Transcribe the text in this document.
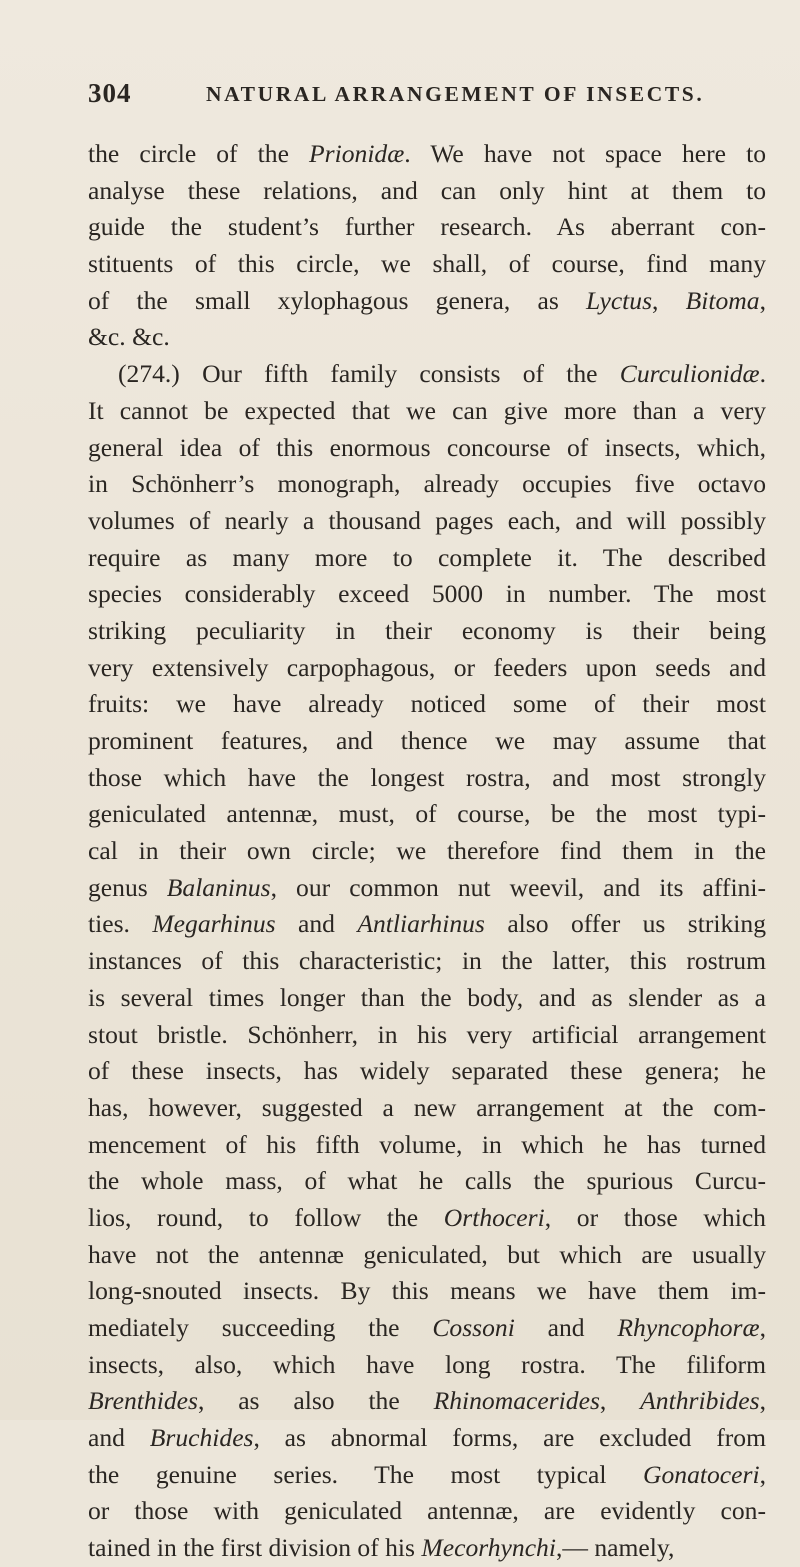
304	NATURAL ARRANGEMENT OF INSECTS.
the circle of the Prionidæ. We have not space here to
analyse these relations, and can only hint at them to
guide the student’s further research. As aberrant con-
stituents of this circle, we shall, of course, find many
of the small xylophagous genera, as Lyctus, Bitoma,
&c. &c.
(274.) Our fifth family consists of the Curculionidæ.
It cannot be expected that we can give more than a very
general idea of this enormous concourse of insects, which,
in Schönherr’s monograph, already occupies five octavo
volumes of nearly a thousand pages each, and will possibly
require as many more to complete it. The described
species considerably exceed 5000 in number. The most
striking peculiarity in their economy is their being
very extensively carpophagous, or feeders upon seeds and
fruits: we have already noticed some of their most
prominent features, and thence we may assume that
those which have the longest rostra, and most strongly
geniculated antennæ, must, of course, be the most typi-
cal in their own circle; we therefore find them in the
genus Balaninus, our common nut weevil, and its affini-
ties. Megarhinus and Antliarhinus also offer us striking
instances of this characteristic; in the latter, this rostrum
is several times longer than the body, and as slender as a
stout bristle. Schönherr, in his very artificial arrangement
of these insects, has widely separated these genera; he
has, however, suggested a new arrangement at the com-
mencement of his fifth volume, in which he has turned
the whole mass, of what he calls the spurious Curcu-
lios, round, to follow the Orthoceri, or those which
have not the antennæ geniculated, but which are usually
long-snouted insects. By this means we have them im-
mediately succeeding the Cossoni and Rhyncophoræ,
insects, also, which have long rostra. The filiform
Brenthides, as also the Rhinomacerides, Anthribides,
and Bruchides, as abnormal forms, are excluded from
the genuine series. The most typical Gonatoceri,
or those with geniculated antennæ, are evidently con-
tained in the first division of his Mecorhynchi,— namely,
